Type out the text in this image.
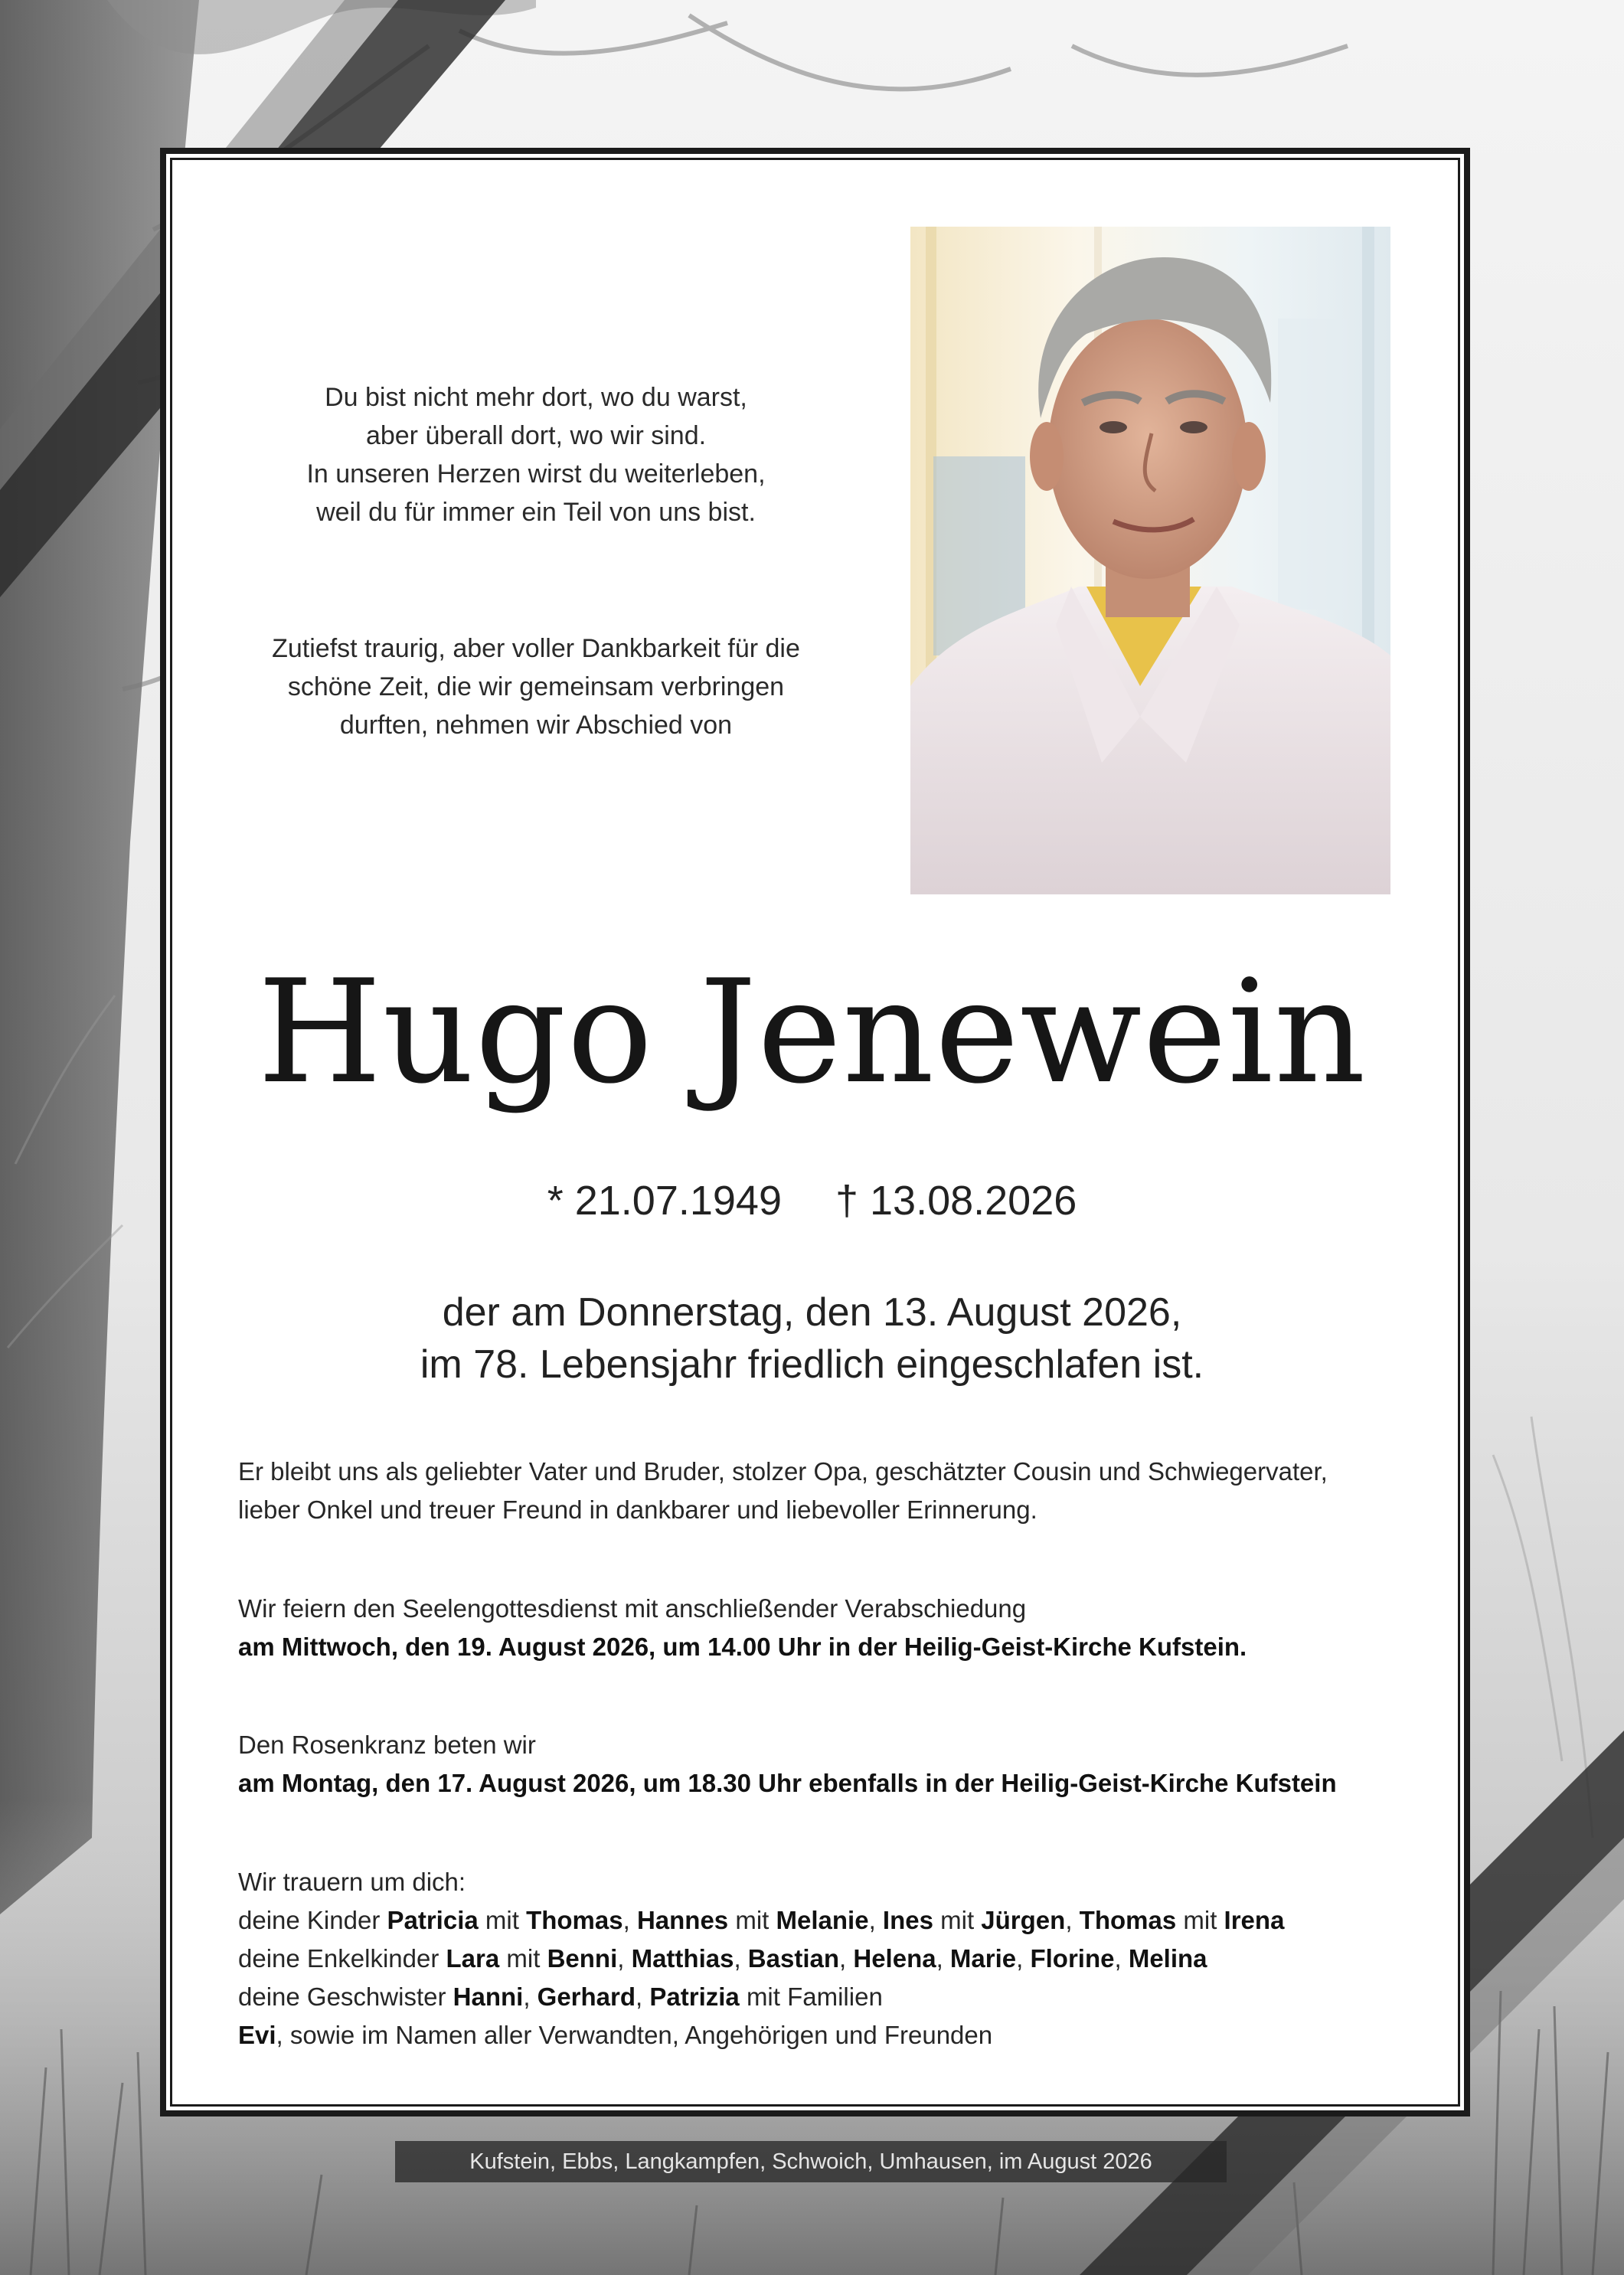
Du bist nicht mehr dort, wo du warst,
aber überall dort, wo wir sind.
In unseren Herzen wirst du weiterleben,
weil du für immer ein Teil von uns bist.
Zutiefst traurig, aber voller Dankbarkeit für die
schöne Zeit, die wir gemeinsam verbringen
durften, nehmen wir Abschied von
Hugo Jenewein
* 21.07.1949 † 13.08.2026
der am Donnerstag, den 13. August 2026,
im 78. Lebensjahr friedlich eingeschlafen ist.
Er bleibt uns als geliebter Vater und Bruder, stolzer Opa, geschätzter Cousin und Schwiegervater,
lieber Onkel und treuer Freund in dankbarer und liebevoller Erinnerung.
Wir feiern den Seelengottesdienst mit anschließender Verabschiedung
am Mittwoch, den 19. August 2026, um 14.00 Uhr in der Heilig-Geist-Kirche Kufstein.
Den Rosenkranz beten wir
am Montag, den 17. August 2026, um 18.30 Uhr ebenfalls in der Heilig-Geist-Kirche Kufstein
Wir trauern um dich:
deine Kinder Patricia mit Thomas, Hannes mit Melanie, Ines mit Jürgen, Thomas mit Irena
deine Enkelkinder Lara mit Benni, Matthias, Bastian, Helena, Marie, Florine, Melina
deine Geschwister Hanni, Gerhard, Patrizia mit Familien
Evi, sowie im Namen aller Verwandten, Angehörigen und Freunden
Kufstein, Ebbs, Langkampfen, Schwoich, Umhausen, im August 2026
